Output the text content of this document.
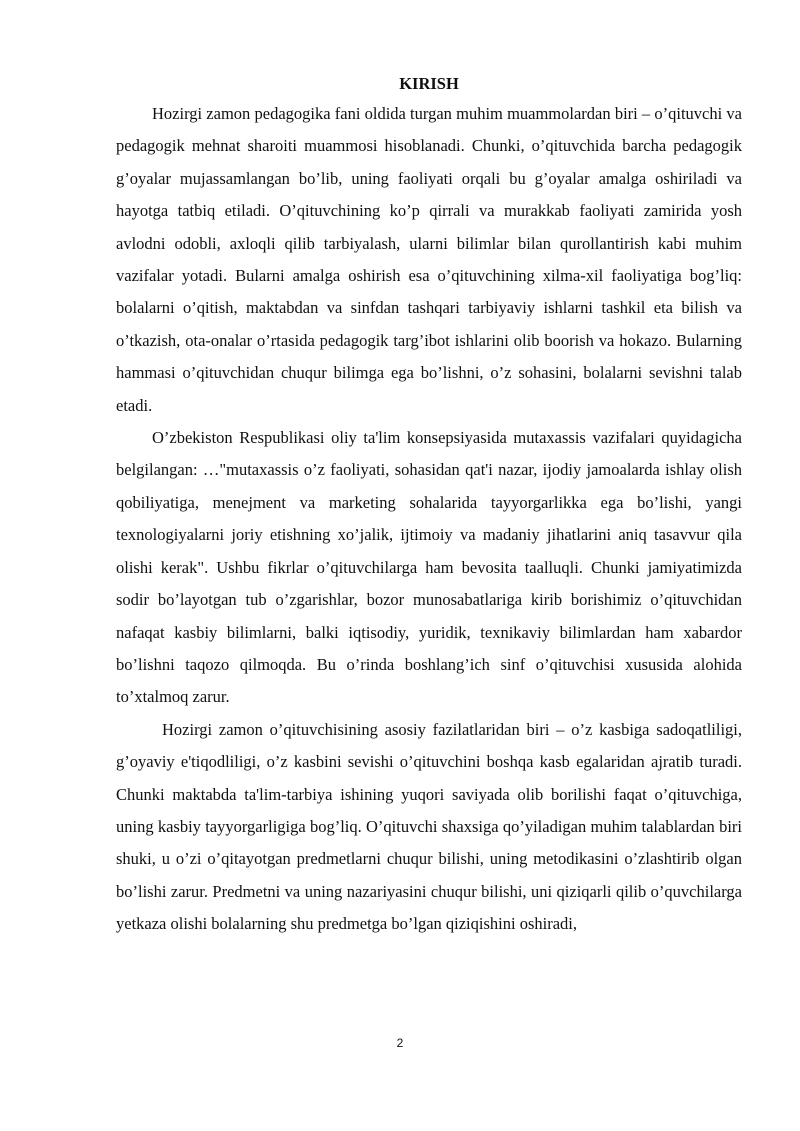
KIRISH

Hozirgi zamon pedagogika fani oldida turgan muhim muammolardan biri – o’qituvchi va pedagogik mehnat sharoiti muammosi hisoblanadi. Chunki, o’qituvchida barcha pedagogik g’oyalar mujassamlangan bo’lib, uning faoliyati orqali bu g’oyalar amalga oshiriladi va hayotga tatbiq etiladi. O’qituvchining ko’p qirrali va murakkab faoliyati zamirida yosh avlodni odobli, axloqli qilib tarbiyalash, ularni bilimlar bilan qurollantirish kabi muhim vazifalar yotadi. Bularni amalga oshirish esa o’qituvchining xilma-xil faoliyatiga bog’liq: bolalarni o’qitish, maktabdan va sinfdan tashqari tarbiyaviy ishlarni tashkil eta bilish va o’tkazish, ota-onalar o’rtasida pedagogik targ’ibot ishlarini olib boorish va hokazo. Bularning hammasi o’qituvchidan chuqur bilimga ega bo’lishni, o’z sohasini, bolalarni sevishni talab etadi.

O’zbekiston Respublikasi oliy ta'lim konsepsiyasida mutaxassis vazifalari quyidagicha belgilangan: …"mutaxassis o’z faoliyati, sohasidan qat'i nazar, ijodiy jamoalarda ishlay olish qobiliyatiga, menejment va marketing sohalarida tayyorgarlikka ega bo’lishi, yangi texnologiyalarni joriy etishning xo’jalik, ijtimoiy va madaniy jihatlarini aniq tasavvur qila olishi kerak". Ushbu fikrlar o’qituvchilarga ham bevosita taalluqli. Chunki jamiyatimizda sodir bo’layotgan tub o’zgarishlar, bozor munosabatlariga kirib borishimiz o’qituvchidan nafaqat kasbiy bilimlarni, balki iqtisodiy, yuridik, texnikaviy bilimlardan ham xabardor bo’lishni taqozo qilmoqda. Bu o’rinda boshlang’ich sinf o’qituvchisi xususida alohida to’xtalmoq zarur.

Hozirgi zamon o’qituvchisining asosiy fazilatlaridan biri – o’z kasbiga sadoqatliligi, g’oyaviy e'tiqodliligi, o’z kasbini sevishi o’qituvchini boshqa kasb egalaridan ajratib turadi. Chunki maktabda ta'lim-tarbiya ishining yuqori saviyada olib borilishi faqat o’qituvchiga, uning kasbiy tayyorgarligiga bog’liq. O’qituvchi shaxsiga qo’yiladigan muhim talablardan biri shuki, u o’zi o’qitayotgan predmetlarni chuqur bilishi, uning metodikasini o’zlashtirib olgan bo’lishi zarur. Predmetni va uning nazariyasini chuqur bilishi, uni qiziqarli qilib o’quvchilarga yetkaza olishi bolalarning shu predmetga bo’lgan qiziqishini oshiradi,

2
